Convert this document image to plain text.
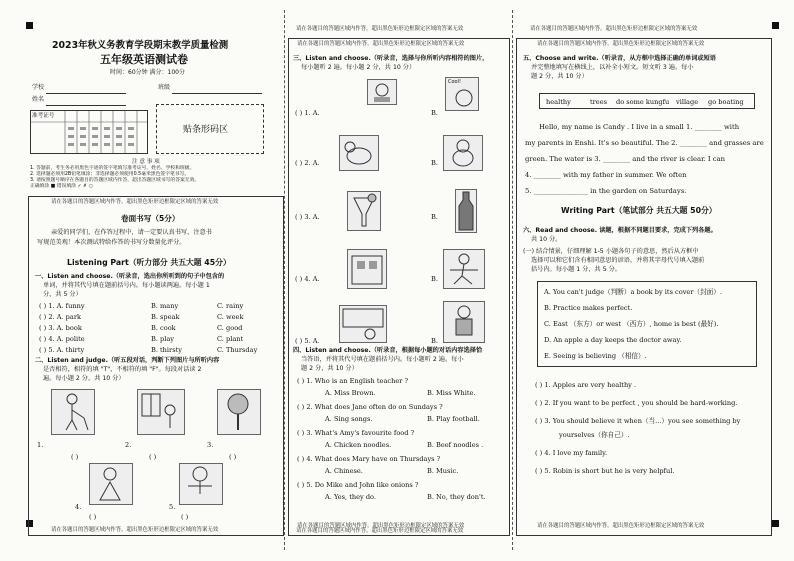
2023年秋义务教育学段期末教学质量检测
五年级英语测试卷
时间：60分钟 满分：100分
学校	班级
姓名
准考证号
贴条形码区
注 意 事 项
1. 答题前，考生务必用黑色字迹的签字笔填写准考证号、姓名、学校和班级。
2. 选择题必须用2B铅笔填涂；非选择题必须使用0.5毫米黑色签字笔书写。
3. 请按照题号顺序在各题目的答题区域内作答，超出答题区域书写的答案无效。
正确填涂 ■ 错误填涂 ✓ ✗ ○
请在各题目的答题区域内作答，超出黑色矩形边框限定区域的答案无效
卷面书写（5分）
亲爱的同学们，在作答过程中，请一定要认真书写，注意书
写规范美观！本次测试特给作答的书写分数量化评分。
Listening Part（听力部分 共五大题 45分）
一、Listen and choose.（听录音，选出你所听到的句子中包含的
单词，并将其代号填在题前括号内。每小题读两遍。每小题 1
分，共 5 分）
( ) 1. A. funny	B. many	C. rainy
( ) 2. A. park	B. speak	C. week
( ) 3. A. book	B. cook	C. good
( ) 4. A. polite	B. play	C. plant
( ) 5. A. thirty	B. thirsty	C. Thursday
二、Listen and judge.（听五段对话，判断下列图片与所听内容
是否相符，相符的填 "T"，不相符的填 "F"。每段对话读 2
遍。每小题 2 分，共 10 分）
1.
( )
2.
( )
3.
( )
4.
( )
5.
( )
请在各题目的答题区域内作答，超出黑色矩形边框限定区域的答案无效
请在各题目的答题区域内作答，超出黑色矩形边框限定区域的答案无效
三、Listen and choose.（听录音，选择与你所听内容相符的图片，
每小题听 2 遍。每小题 2 分，共 10 分）
( ) 1. A.	B.
Cool!
( ) 2. A.	B.
( ) 3. A.	B.
( ) 4. A.	B.
( ) 5. A.	B.
四、Listen and choose.（听录音，根据每小题的对话内容选择恰
当答语，并将其代号填在题前括号内。每小题听 2 遍。每小
题 2 分，共 10 分）
( ) 1. Who is an English teacher ?
A. Miss Brown.	B. Miss White.
( ) 2. What does Jane often do on Sundays ?
A. Sing songs.	B. Play football.
( ) 3. What's Amy's favourite food ?
A. Chicken noodles.	B. Beef noodles .
( ) 4. What does Mary have on Thursdays ?
A. Chinese.	B. Music.
( ) 5. Do Mike and John like onions ?
A. Yes, they do.	B. No, they don't.
请在各题目的答题区域内作答，超出黑色矩形边框限定区域的答案无效
请在各题目的答题区域内作答，超出黑色矩形边框限定区域的答案无效
五、Choose and write.（听录音，从方框中选择正确的单词或短语
并完整地填写在横线上，以补全小短文。短文听 3 遍。每小
题 2 分，共 10 分）
healthy	trees do some kungfu village go boating
Hello, my name is Candy . I live in a small 1. ________ with
my parents in Enshi. It's so beautiful. The 2. ________ and grasses are
green. The water is 3. ________ and the river is clear. I can
4. ________ with my father in summer. We often
5. ________________ in the garden on Saturdays.
Writing Part（笔试部分 共五大题 50分）
六、Read and choose. 读题，根据不同题目要求，完成下列各题。
共 10 分。
(一) 结合情景，仔细理解 1-5 小题各句子的意思，然后从方框中
选择可以和它们含有相同意思的谚语，并将其字母代号填入题前
括号内。每小题 1 分，共 5 分。
A. You can't judge（判断）a book by its cover（封面）.
B. Practice makes perfect.
C. East （东方）or west （西方）, home is best (最好).
D. An apple a day keeps the doctor away.
E. Seeing is believing （相信）.
( ) 1. Apples are very healthy .
( ) 2. If you want to be perfect , you should be hard-working.
( ) 3. You should believe it when（当...）you see something by
yourselves（你自己）.
( ) 4. I love my family.
( ) 5. Robin is short but he is very helpful.
请在各题目的答题区域内作答，超出黑色矩形边框限定区域的答案无效
请在各题目的答题区域内作答，超出黑色矩形边框限定区域的答案无效	请在各题目的答题区域内作答，超出黑色矩形边框限定区域的答案无效
请在各题目的答题区域内作答，超出黑色矩形边框限定区域的答案无效
